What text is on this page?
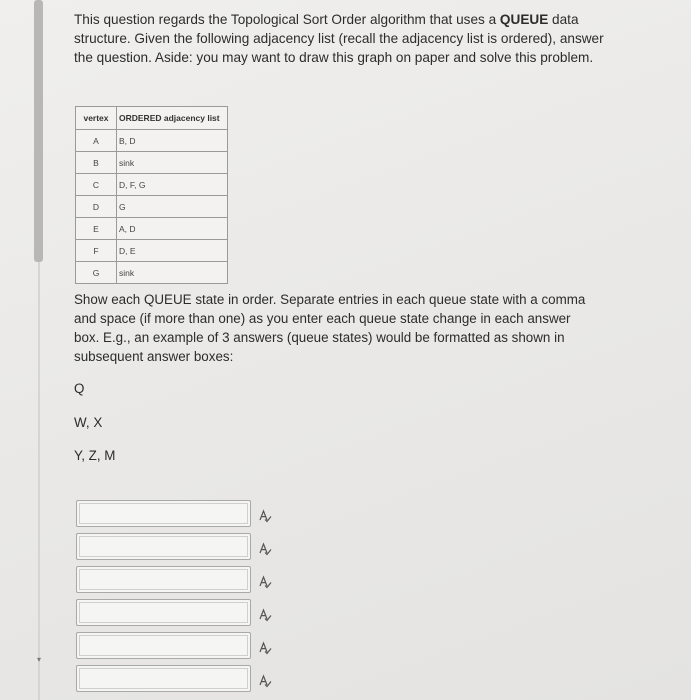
▾

This question regards the Topological Sort Order algorithm that uses a QUEUE data structure. Given the following adjacency list (recall the adjacency list is ordered), answer the question. Aside: you may want to draw this graph on paper and solve this problem.

vertex	ORDERED adjacency list
A	B, D
B	sink
C	D, F, G
D	G
E	A, D
F	D, E
G	sink

Show each QUEUE state in order. Separate entries in each queue state with a comma and space (if more than one) as you enter each queue state change in each answer box. E.g., an example of 3 answers (queue states) would be formatted as shown in subsequent answer boxes:

Q
W, X
Y, Z, M
